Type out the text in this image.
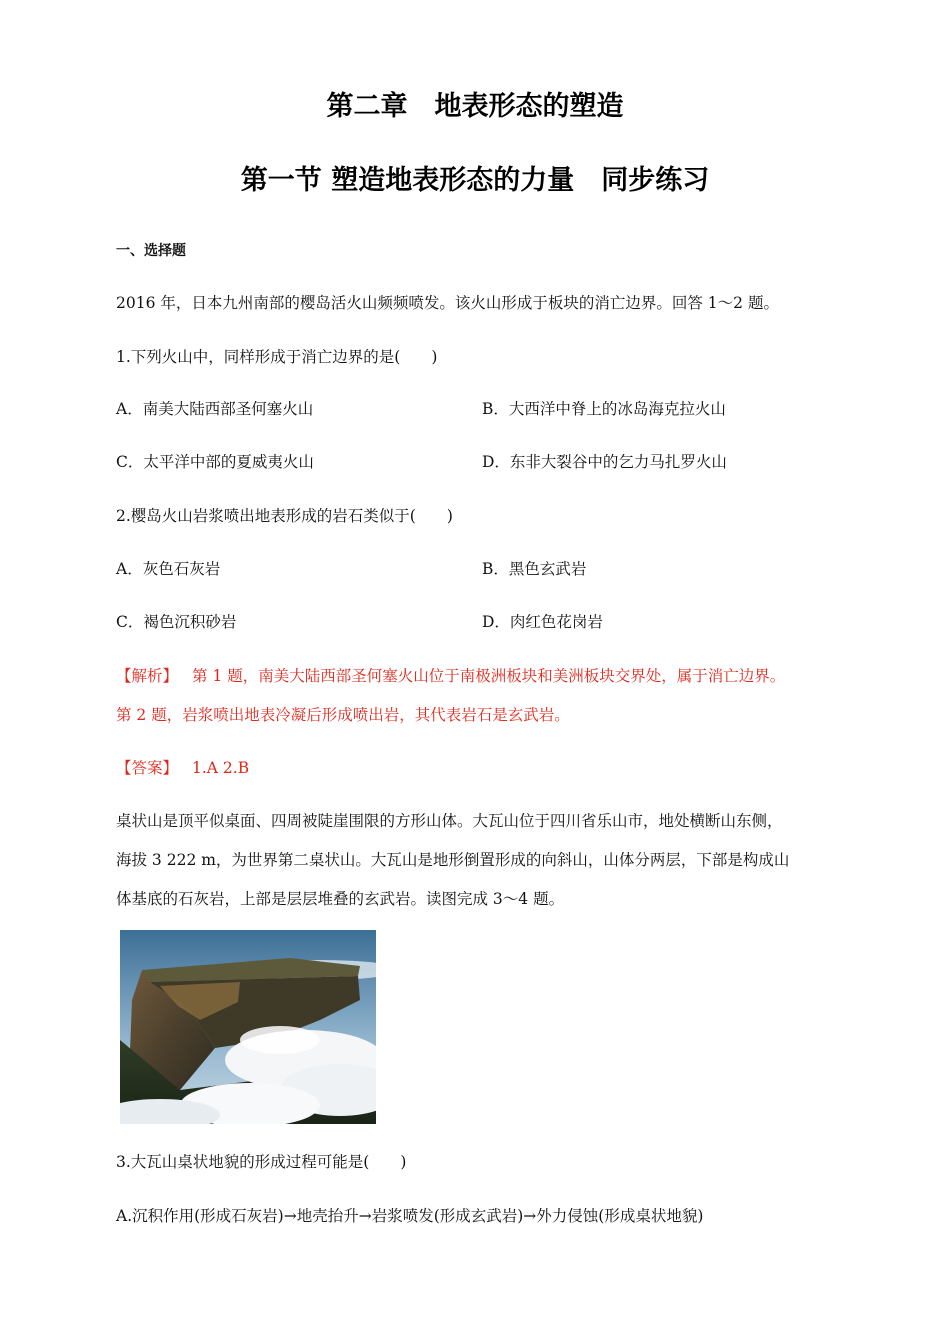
第二章　地表形态的塑造
第一节 塑造地表形态的力量　同步练习
一、选择题
2016 年，日本九州南部的樱岛活火山频频喷发。该火山形成于板块的消亡边界。回答 1～2 题。
1.下列火山中，同样形成于消亡边界的是(　　)
A．南美大陆西部圣何塞火山	B．大西洋中脊上的冰岛海克拉火山
C．太平洋中部的夏威夷火山	D．东非大裂谷中的乞力马扎罗火山
2.樱岛火山岩浆喷出地表形成的岩石类似于(　　)
A．灰色石灰岩	B．黑色玄武岩
C．褐色沉积砂岩	D．肉红色花岗岩
【解析】 第 1 题，南美大陆西部圣何塞火山位于南极洲板块和美洲板块交界处，属于消亡边界。
第 2 题，岩浆喷出地表冷凝后形成喷出岩，其代表岩石是玄武岩。
【答案】 1.A 2.B
桌状山是顶平似桌面、四周被陡崖围限的方形山体。大瓦山位于四川省乐山市，地处横断山东侧，
海拔 3 222 m，为世界第二桌状山。大瓦山是地形倒置形成的向斜山，山体分两层，下部是构成山
体基底的石灰岩，上部是层层堆叠的玄武岩。读图完成 3～4 题。
3.大瓦山桌状地貌的形成过程可能是(　　)
A.沉积作用(形成石灰岩)→地壳抬升→岩浆喷发(形成玄武岩)→外力侵蚀(形成桌状地貌)
